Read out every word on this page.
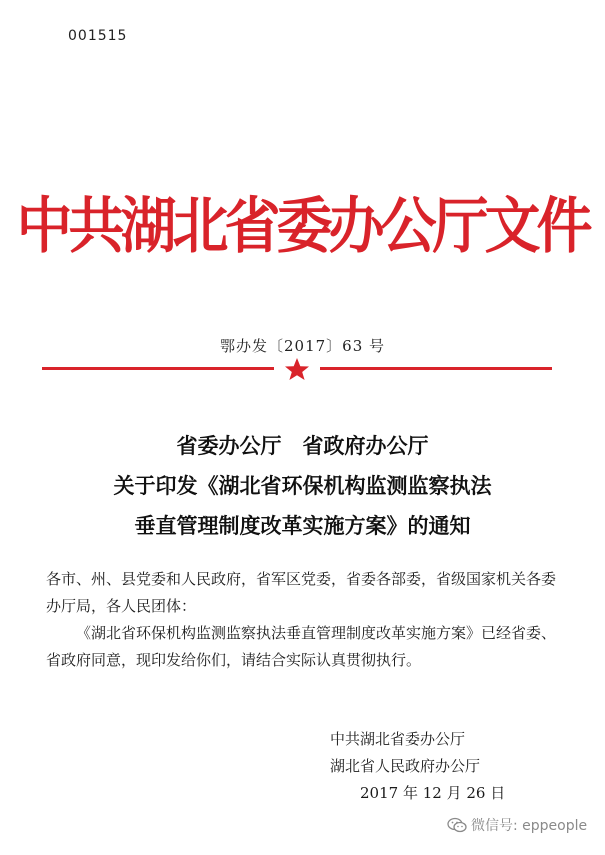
001515
中共湖北省委办公厅文件
鄂办发〔2017〕63 号
省委办公厅　省政府办公厅
关于印发《湖北省环保机构监测监察执法
垂直管理制度改革实施方案》的通知

各市、州、县党委和人民政府，省军区党委，省委各部委，省级国家机关各委办厅局，各人民团体：

《湖北省环保机构监测监察执法垂直管理制度改革实施方案》已经省委、省政府同意，现印发给你们，请结合实际认真贯彻执行。

中共湖北省委办公厅
湖北省人民政府办公厅
2017 年 12 月 26 日
微信号: eppeople
